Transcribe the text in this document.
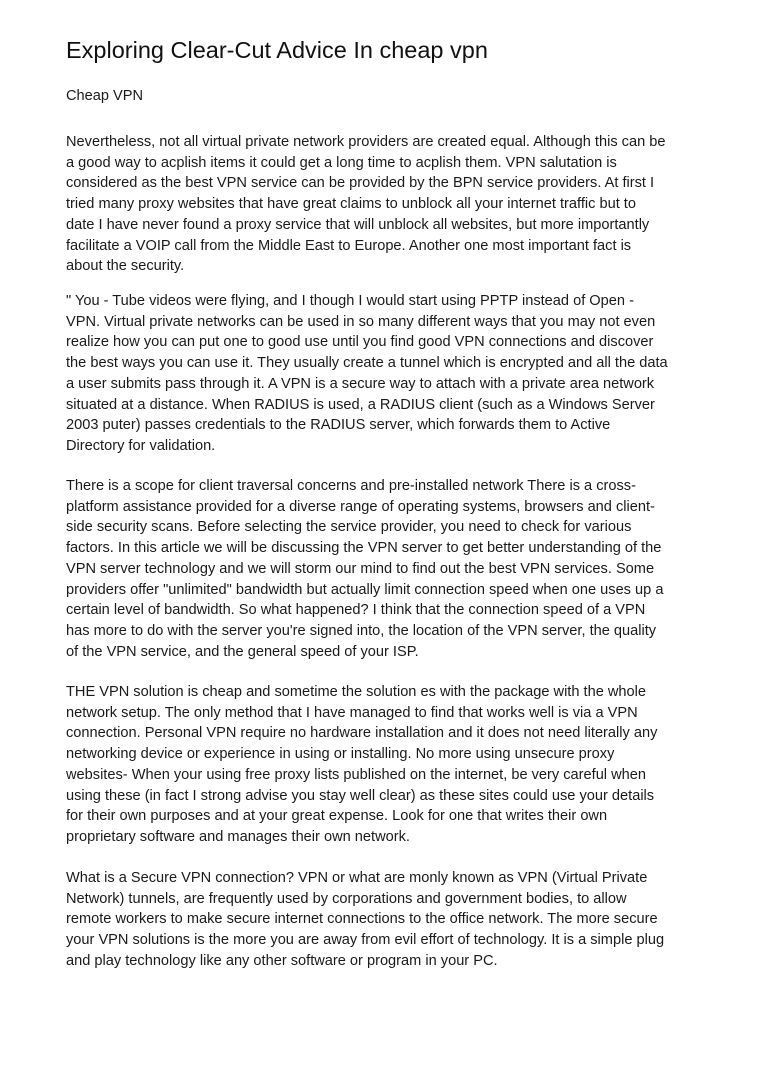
Exploring Clear-Cut Advice In cheap vpn
Cheap VPN

Nevertheless, not all virtual private network providers are created equal. Although this can be
a good way to acplish items it could get a long time to acplish them. VPN salutation is
considered as the best VPN service can be provided by the BPN service providers. At first I
tried many proxy websites that have great claims to unblock all your internet traffic but to
date I have never found a proxy service that will unblock all websites, but more importantly
facilitate a VOIP call from the Middle East to Europe. Another one most important fact is
about the security.

" You - Tube videos were flying, and I though I would start using PPTP instead of Open -
VPN. Virtual private networks can be used in so many different ways that you may not even
realize how you can put one to good use until you find good VPN connections and discover
the best ways you can use it. They usually create a tunnel which is encrypted and all the data
a user submits pass through it. A VPN is a secure way to attach with a private area network
situated at a distance. When RADIUS is used, a RADIUS client (such as a Windows Server
2003 puter) passes credentials to the RADIUS server, which forwards them to Active
Directory for validation.

There is a scope for client traversal concerns and pre-installed network There is a cross-
platform assistance provided for a diverse range of operating systems, browsers and client-
side security scans. Before selecting the service provider, you need to check for various
factors. In this article we will be discussing the VPN server to get better understanding of the
VPN server technology and we will storm our mind to find out the best VPN services. Some
providers offer "unlimited" bandwidth but actually limit connection speed when one uses up a
certain level of bandwidth. So what happened? I think that the connection speed of a VPN
has more to do with the server you're signed into, the location of the VPN server, the quality
of the VPN service, and the general speed of your ISP.

THE VPN solution is cheap and sometime the solution es with the package with the whole
network setup. The only method that I have managed to find that works well is via a VPN
connection. Personal VPN require no hardware installation and it does not need literally any
networking device or experience in using or installing. No more using unsecure proxy
websites- When your using free proxy lists published on the internet, be very careful when
using these (in fact I strong advise you stay well clear) as these sites could use your details
for their own purposes and at your great expense. Look for one that writes their own
proprietary software and manages their own network.

What is a Secure VPN connection? VPN or what are monly known as VPN (Virtual Private
Network) tunnels, are frequently used by corporations and government bodies, to allow
remote workers to make secure internet connections to the office network. The more secure
your VPN solutions is the more you are away from evil effort of technology. It is a simple plug
and play technology like any other software or program in your PC.
